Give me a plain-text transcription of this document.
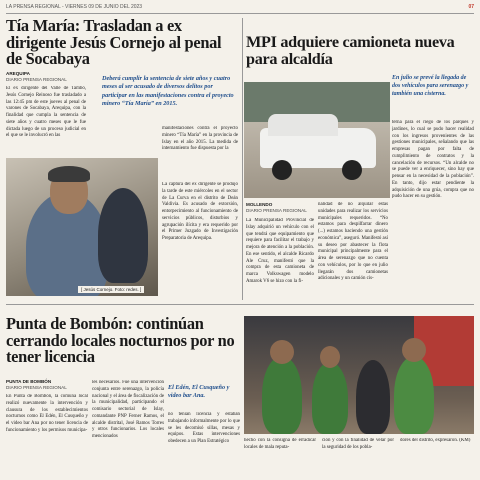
LA PRENSA REGIONAL - VIERNES 09 DE JUNIO DEL 2023	07
Tía María: Trasladan a ex dirigente Jesús Cornejo al penal de Socabaya
AREQUIPA
DIARIO PRENSA REGIONAL
El ex dirigente del Valle de Tambo, Jesús Cornejo Reinoso fue trasladado a las 12:45 pm de este jueves al penal de varones de Socabaya, Arequipa, con la finalidad que cumpla la sentencia de siete años y cuatro meses que le fue dictada luego de un proceso judicial en el que se le involucró en las
Deberá cumplir la sentencia de siete años y cuatro meses al ser acusado de diversos delitos por participar en las manifestaciones contra el proyecto minero “Tía María” en 2015.
[ Jesús Cornejo. Foto: redes. ]
manifestaciones contra el proyecto minero “Tía María” en la provincia de Islay en el año 2015. La medida de internamiento fue dispuesta por la
La captura del ex dirigente se produjo la tarde de este miércoles en el sector de La Curva en el distrito de Deán Valdivia. Es acusado de extorsión, entorpecimiento al funcionamiento de servicios públicos, disturbios y agrupación ilícita y era requerido por el Primer Juzgado de Investigación Preparatoria de Arequipa.
MPI adquiere camioneta nueva para alcaldía
En julio se prevé la llegada de dos vehículos para serenazgo y también una cisterna.
MOLLENDO
DIARIO PRENSA REGIONAL
La Municipalidad Provincial de Islay adquirió un vehículo con el que tendrá que equipamiento que requiere para facilitar el trabajo y mejora de atención a la población. En ese sentido, el alcalde Ricardo Ale Cruz, manifestó que la compra de esta camioneta de marca Volkswagen modelo Amarok V6 se hizo con la fi-
nalidad de no alquilar estas unidades para realizar los servicios municipales requeridos. “No estamos para despilfarrar dinero (...) estamos haciendo una gestión económica”, aseguró. Manifestó así su deseo por abastecer la flota municipal principalmente para el área de serenazgo que no cuenta con vehículos, por lo que en julio llegarán dos camionetas adicionales y un camión cis-
terna para el riego de los parques y jardines, lo cual se pudo hacer realidad con los ingresos provenientes de las gestiones municipales, señalando que las empresas pagan por falta de cumplimiento de contratos y la cancelación de recursos. “Un alcalde no se puede ver a enriquecer, sino hay que pensar en la necesidad de la población”. En tanto, dijo estar pendiente la adquisición de una grúa, compra que no pudo hacer en su gestión.
Punta de Bombón: continúan cerrando locales nocturnos por no tener licencia
PUNTA DE BOMBÓN
DIARIO PRENSA REGIONAL
En Punta de Bombón, la comuna local realizó nuevamente la intervención y clausura de los establecimientos nocturnos como El Edén, El Cusqueño y el video bar Ana por no tener licencia de funcionamiento y los permisos municipa-
les necesarios. Fue una intervención conjunta entre serenazgo, la policía nacional y el área de fiscalización de la municipalidad, participando el comisario sectorial de Islay, comandante PNP Ferner Ramos, el alcalde distrital, José Ramos Torres y otros funcionarios. Los locales mencionados
El Edén, El Cusqueño y video bar Ana.
no tenían licencia y estaban trabajando informalmente por lo que se les decomisó sillas, mesas y equipos. Estas intervenciones obedecen a un Plan Estratégico	hecho con la consigna de erradicar locales de mala reputa-
ción y con la finalidad de velar por la seguridad de los pobla-
dores del distrito, expresaron. (KM)
